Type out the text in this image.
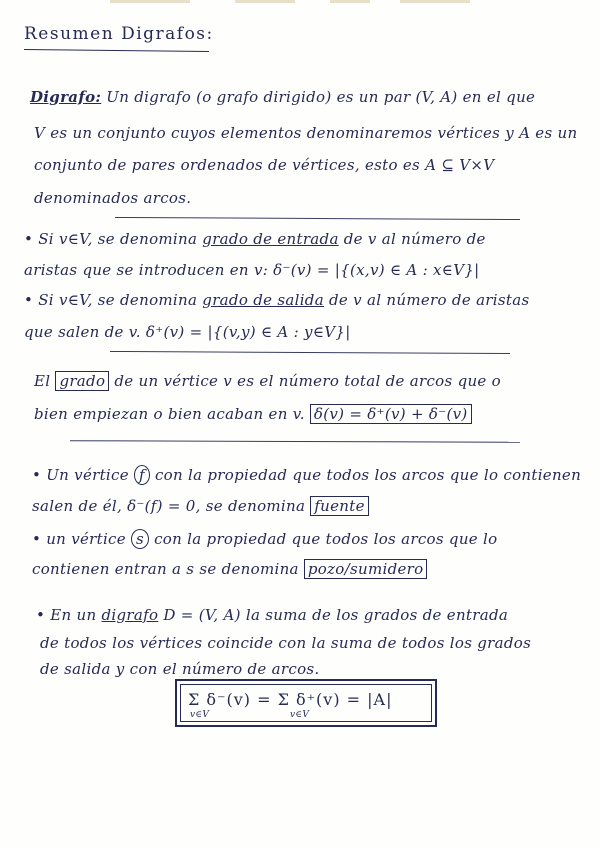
Resumen Digrafos:
Digrafo: Un digrafo (o grafo dirigido) es un par (V, A) en el que
V es un conjunto cuyos elementos denominaremos vértices y A es un
conjunto de pares ordenados de vértices, esto es A ⊆ V×V
denominados arcos.
• Si v∈V, se denomina grado de entrada de v al número de
aristas que se introducen en v: δ⁻(v) = |{(x,v) ∈ A : x∈V}|
• Si v∈V, se denomina grado de salida de v al número de aristas
que salen de v. δ⁺(v) = |{(v,y) ∈ A : y∈V}|
El grado de un vértice v es el número total de arcos que o
bien empiezan o bien acaban en v. δ(v) = δ⁺(v) + δ⁻(v)
• Un vértice f con la propiedad que todos los arcos que lo contienen
salen de él, δ⁻(f) = 0, se denomina fuente
• un vértice s con la propiedad que todos los arcos que lo
contienen entran a s se denomina pozo/sumidero
• En un digrafo D = (V, A) la suma de los grados de entrada
de todos los vértices coincide con la suma de todos los grados
de salida y con el número de arcos.
Σ δ⁻(v) = Σ δ⁺(v) = |A|
v∈V	v∈V
